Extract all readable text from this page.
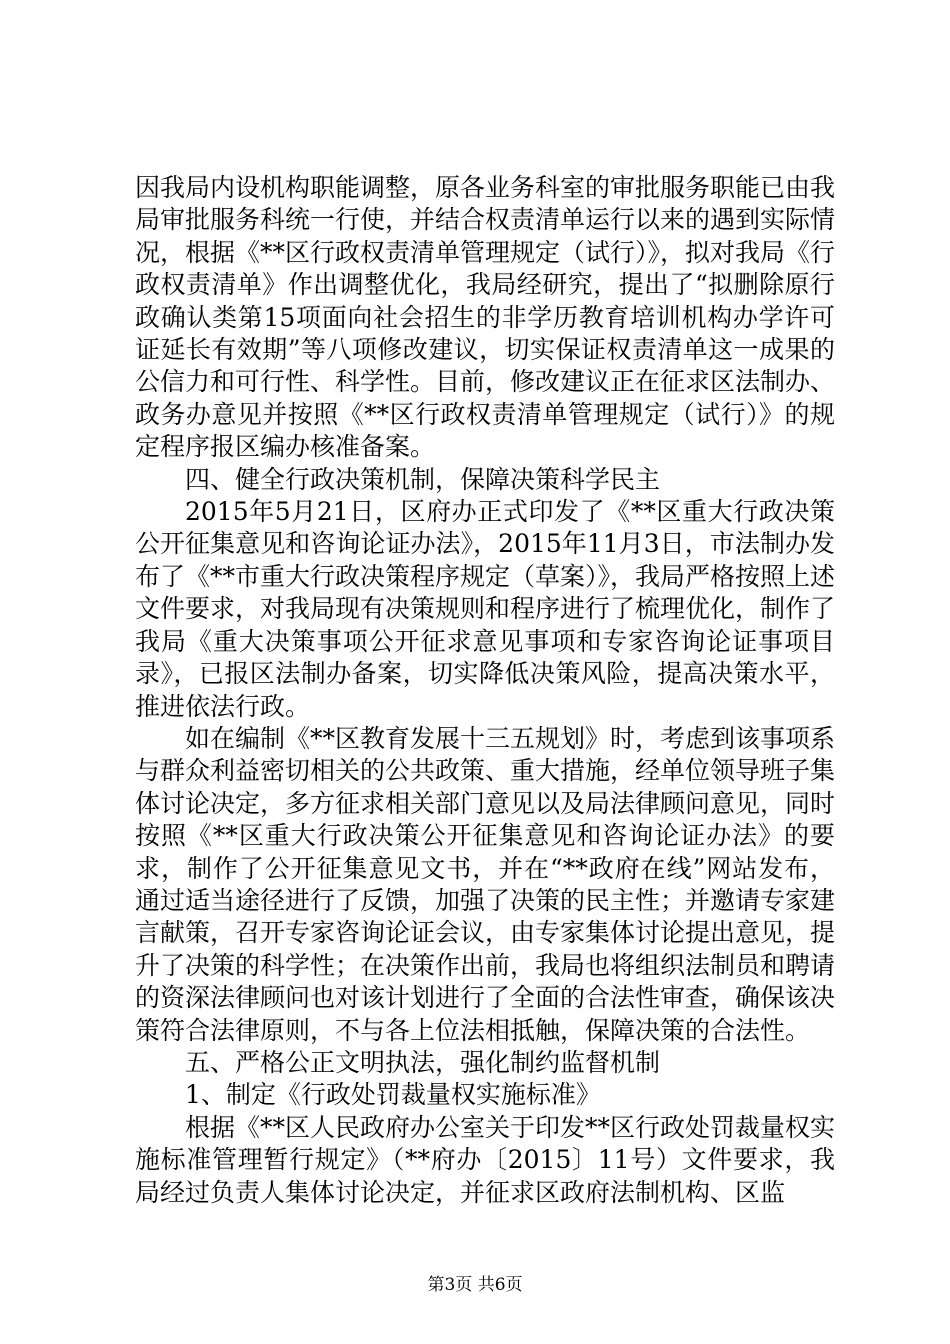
因我局内设机构职能调整，原各业务科室的审批服务职能已由我局审批服务科统一行使，并结合权责清单运行以来的遇到实际情况，根据《**区行政权责清单管理规定（试行）》，拟对我局《行政权责清单》作出调整优化，我局经研究，提出了“拟删除原行政确认类第15项面向社会招生的非学历教育培训机构办学许可证延长有效期”等八项修改建议，切实保证权责清单这一成果的公信力和可行性、科学性。目前，修改建议正在征求区法制办、政务办意见并按照《**区行政权责清单管理规定（试行）》的规定程序报区编办核准备案。

四、健全行政决策机制，保障决策科学民主

2015年5月21日，区府办正式印发了《**区重大行政决策公开征集意见和咨询论证办法》，2015年11月3日，市法制办发布了《**市重大行政决策程序规定（草案）》，我局严格按照上述文件要求，对我局现有决策规则和程序进行了梳理优化，制作了我局《重大决策事项公开征求意见事项和专家咨询论证事项目录》，已报区法制办备案，切实降低决策风险，提高决策水平，推进依法行政。

如在编制《**区教育发展十三五规划》时，考虑到该事项系与群众利益密切相关的公共政策、重大措施，经单位领导班子集体讨论决定，多方征求相关部门意见以及局法律顾问意见，同时按照《**区重大行政决策公开征集意见和咨询论证办法》的要求，制作了公开征集意见文书，并在“**政府在线”网站发布，通过适当途径进行了反馈，加强了决策的民主性；并邀请专家建言献策，召开专家咨询论证会议，由专家集体讨论提出意见，提升了决策的科学性；在决策作出前，我局也将组织法制员和聘请的资深法律顾问也对该计划进行了全面的合法性审查，确保该决策符合法律原则，不与各上位法相抵触，保障决策的合法性。

五、严格公正文明执法，强化制约监督机制

1、制定《行政处罚裁量权实施标准》

根据《**区人民政府办公室关于印发**区行政处罚裁量权实施标准管理暂行规定》（**府办〔2015〕11号）文件要求，我局经过负责人集体讨论决定，并征求区政府法制机构、区监

第3页 共6页
